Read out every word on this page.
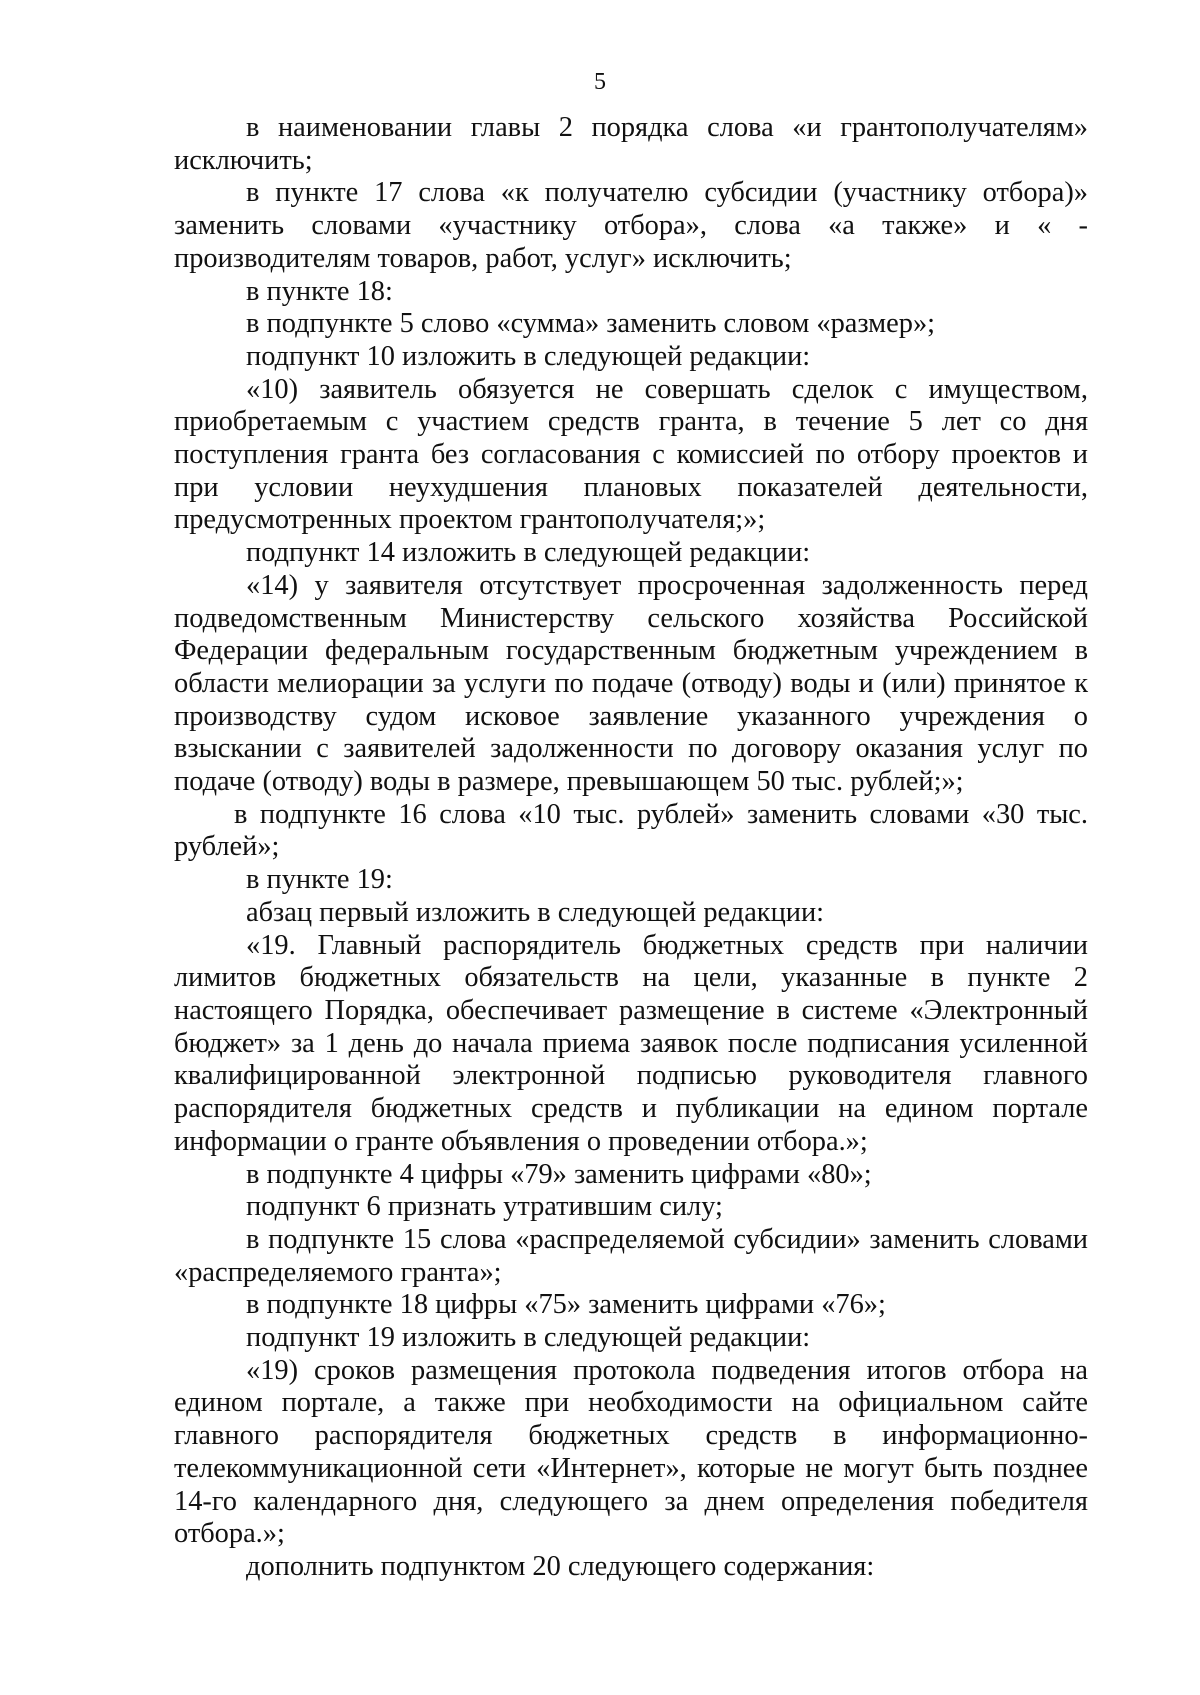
5

в наименовании главы 2 порядка слова «и грантополучателям» исключить;

в пункте 17 слова «к получателю субсидии (участнику отбора)» заменить словами «участнику отбора», слова «а также» и « - производителям товаров, работ, услуг» исключить;

в пункте 18:

в подпункте 5 слово «сумма» заменить словом «размер»;

подпункт 10 изложить в следующей редакции:

«10) заявитель обязуется не совершать сделок с имуществом, приобретаемым с участием средств гранта, в течение 5 лет со дня поступления гранта без согласования с комиссией по отбору проектов и при условии неухудшения плановых показателей деятельности, предусмотренных проектом грантополучателя;»;

подпункт 14 изложить в следующей редакции:

«14) у заявителя отсутствует просроченная задолженность перед подведомственным Министерству сельского хозяйства Российской Федерации федеральным государственным бюджетным учреждением в области мелиорации за услуги по подаче (отводу) воды и (или) принятое к производству судом исковое заявление указанного учреждения о взыскании с заявителей задолженности по договору оказания услуг по подаче (отводу) воды в размере, превышающем 50 тыс. рублей;»;

в подпункте 16 слова «10 тыс. рублей» заменить словами «30 тыс. рублей»;

в пункте 19:

абзац первый изложить в следующей редакции:

«19. Главный распорядитель бюджетных средств при наличии лимитов бюджетных обязательств на цели, указанные в пункте 2 настоящего Порядка, обеспечивает размещение в системе «Электронный бюджет» за 1 день до начала приема заявок после подписания усиленной квалифицированной электронной подписью руководителя главного распорядителя бюджетных средств и публикации на едином портале информации о гранте объявления о проведении отбора.»;

в подпункте 4 цифры «79» заменить цифрами «80»;

подпункт 6 признать утратившим силу;

в подпункте 15 слова «распределяемой субсидии» заменить словами «распределяемого гранта»;

в подпункте 18 цифры «75» заменить цифрами «76»;

подпункт 19 изложить в следующей редакции:

«19) сроков размещения протокола подведения итогов отбора на едином портале, а также при необходимости на официальном сайте главного распорядителя бюджетных средств в информационно-телекоммуникационной сети «Интернет», которые не могут быть позднее 14-го календарного дня, следующего за днем определения победителя отбора.»;

дополнить подпунктом 20 следующего содержания:
